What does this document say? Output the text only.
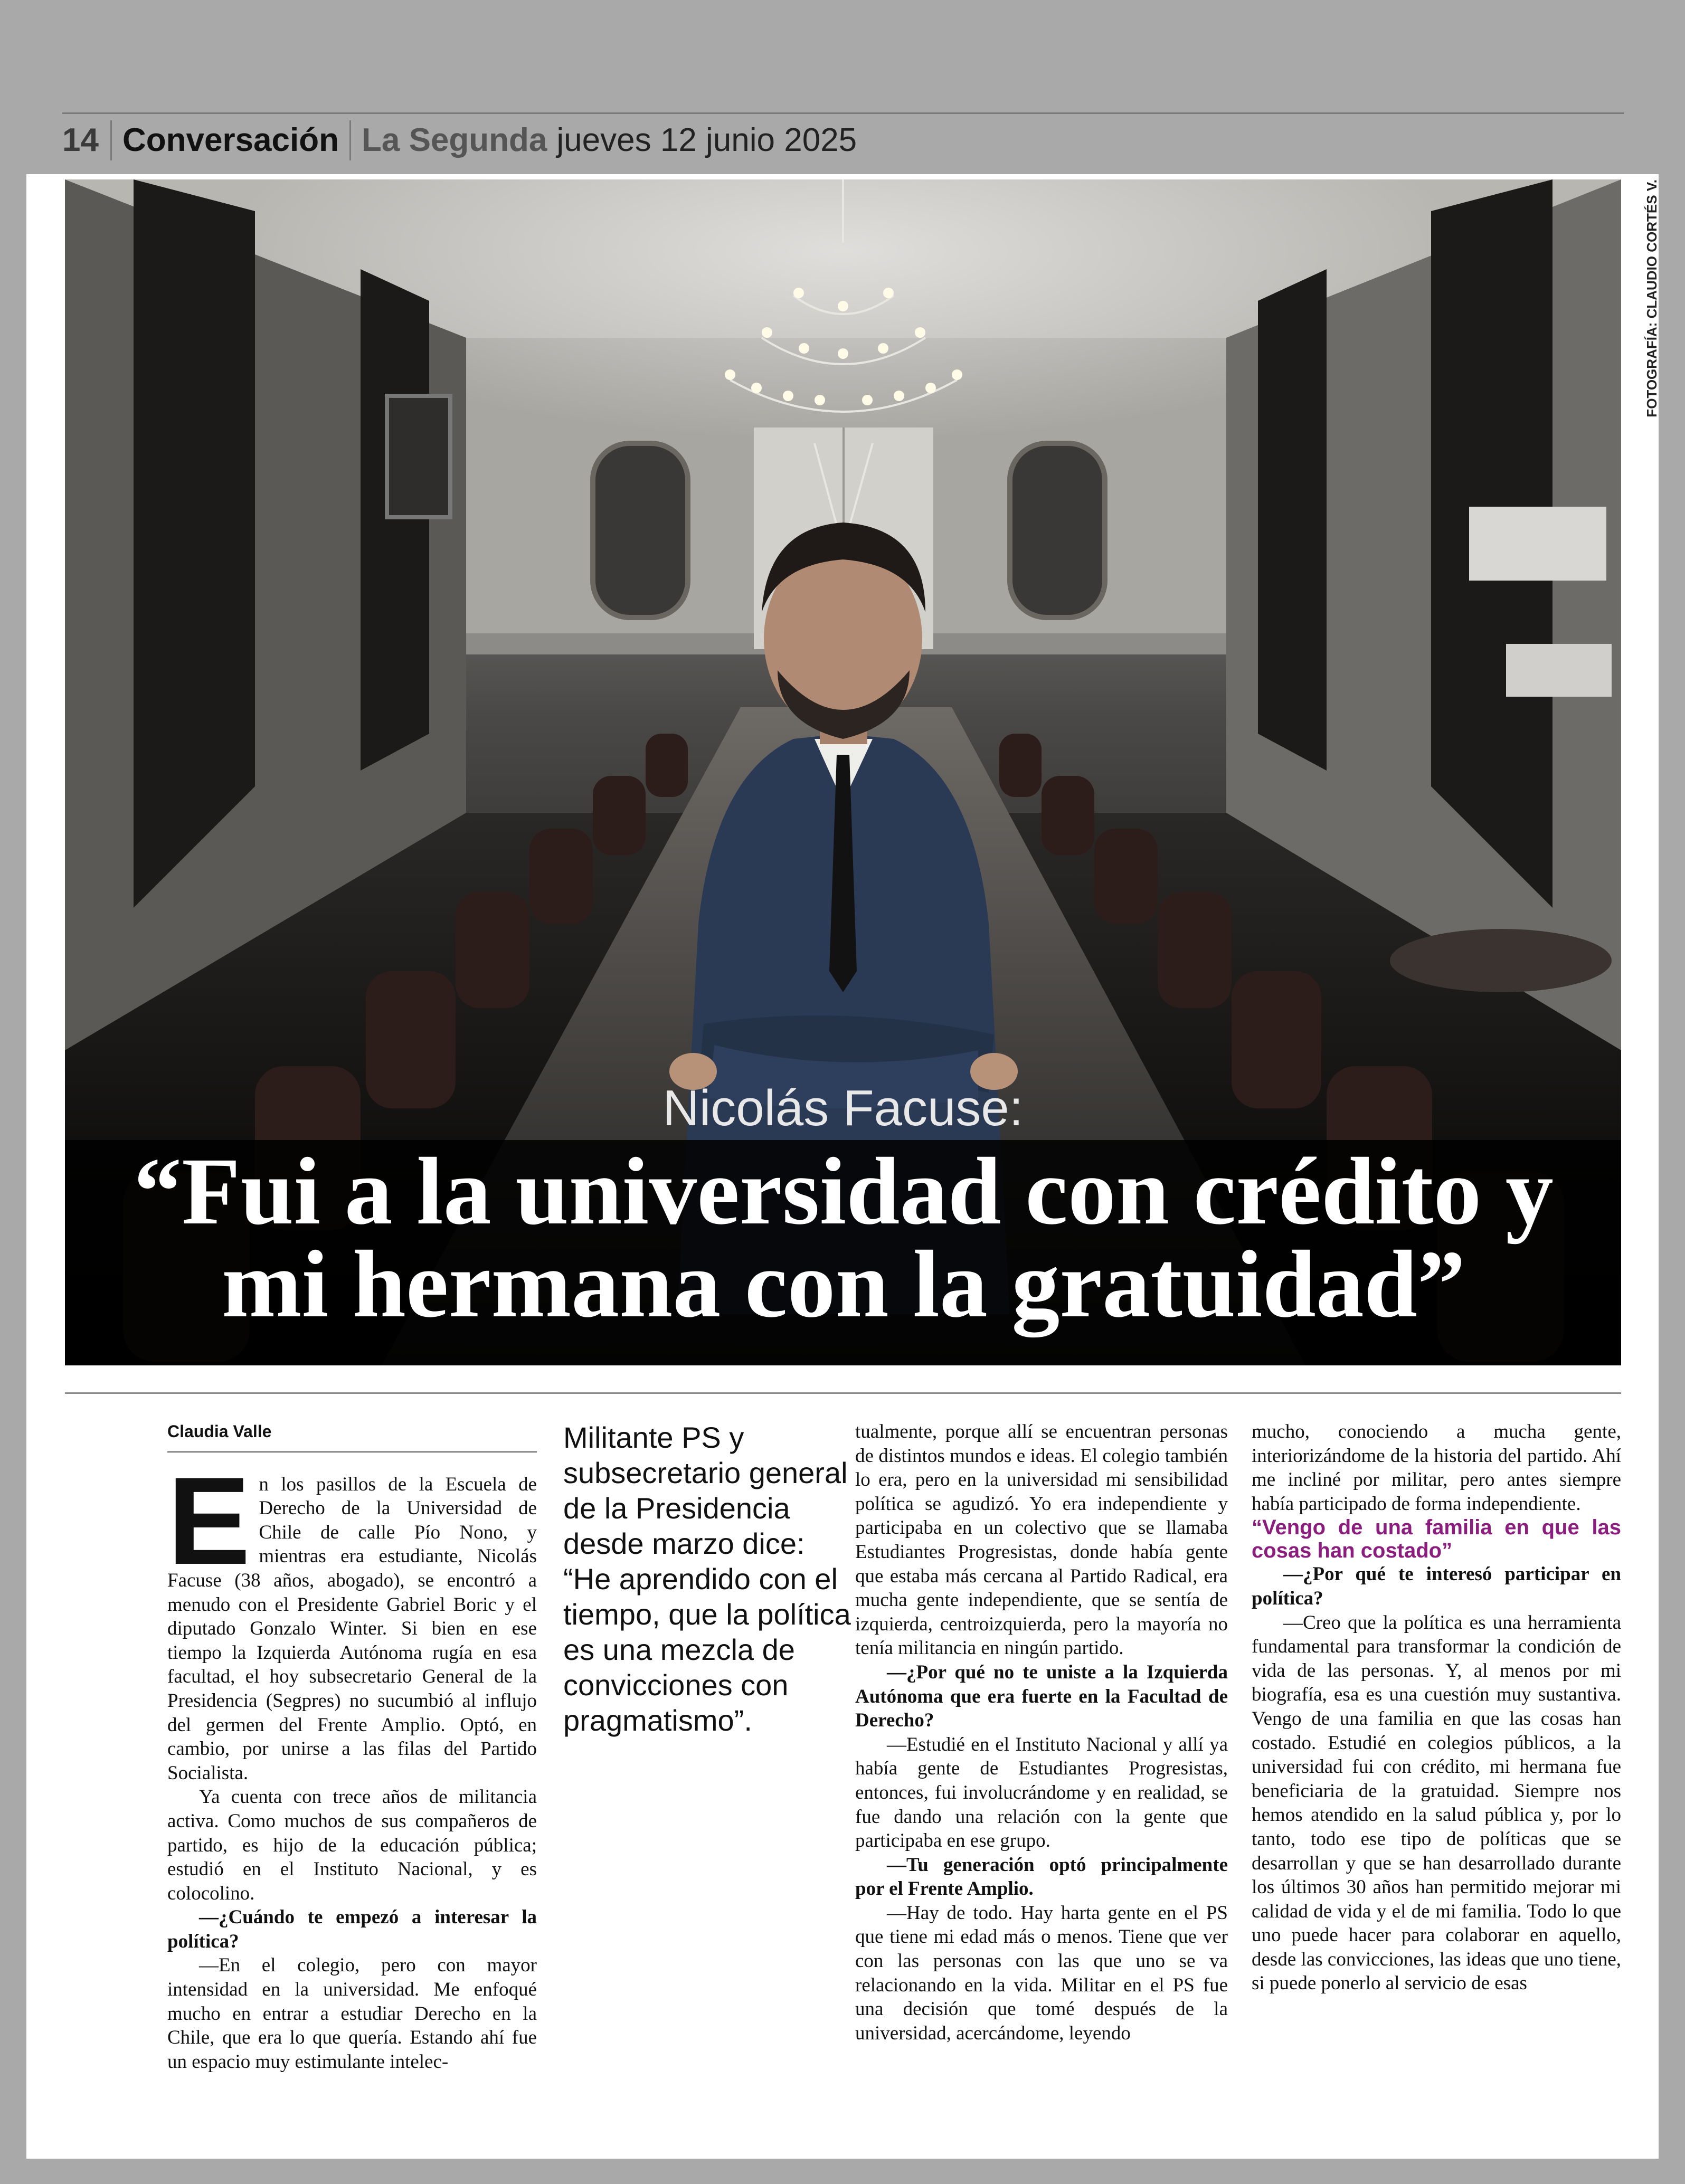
14 Conversación La Segunda jueves 12 junio 2025
Nicolás Facuse:
“Fui a la universidad con crédito y mi hermana con la gratuidad”
FOTOGRAFÍA: CLAUDIO CORTÉS V.
Claudia Valle

En los pasillos de la Escuela de Derecho de la Universidad de Chile de calle Pío Nono, y mientras era estudiante, Nicolás Facuse (38 años, abogado), se encontró a menudo con el Presidente Gabriel Boric y el diputado Gonzalo Winter. Si bien en ese tiempo la Izquierda Autónoma rugía en esa facultad, el hoy subsecretario General de la Presidencia (Segpres) no sucumbió al influjo del germen del Frente Amplio. Optó, en cambio, por unirse a las filas del Partido Socialista.

Ya cuenta con trece años de militancia activa. Como muchos de sus compañeros de partido, es hijo de la educación pública; estudió en el Instituto Nacional, y es colocolino.

—¿Cuándo te empezó a interesar la política?

—En el colegio, pero con mayor intensidad en la universidad. Me enfoqué mucho en entrar a estudiar Derecho en la Chile, que era lo que quería. Estando ahí fue un espacio muy estimulante intelec-

Militante PS y subsecretario general de la Presidencia desde marzo dice: “He aprendido con el tiempo, que la política es una mezcla de convicciones con pragmatismo”.

tualmente, porque allí se encuentran personas de distintos mundos e ideas. El colegio también lo era, pero en la universidad mi sensibilidad política se agudizó. Yo era independiente y participaba en un colectivo que se llamaba Estudiantes Progresistas, donde había gente que estaba más cercana al Partido Radical, era mucha gente independiente, que se sentía de izquierda, centroizquierda, pero la mayoría no tenía militancia en ningún partido.

—¿Por qué no te uniste a la Izquierda Autónoma que era fuerte en la Facultad de Derecho?

—Estudié en el Instituto Nacional y allí ya había gente de Estudiantes Progresistas, entonces, fui involucrándome y en realidad, se fue dando una relación con la gente que participaba en ese grupo.

—Tu generación optó principalmente por el Frente Amplio.

—Hay de todo. Hay harta gente en el PS que tiene mi edad más o menos. Tiene que ver con las personas con las que uno se va relacionando en la vida. Militar en el PS fue una decisión que tomé después de la universidad, acercándome, leyendo

mucho, conociendo a mucha gente, interiorizándome de la historia del partido. Ahí me incliné por militar, pero antes siempre había participado de forma independiente.

“Vengo de una familia en que las cosas han costado”

—¿Por qué te interesó participar en política?

—Creo que la política es una herramienta fundamental para transformar la condición de vida de las personas. Y, al menos por mi biografía, esa es una cuestión muy sustantiva. Vengo de una familia en que las cosas han costado. Estudié en colegios públicos, a la universidad fui con crédito, mi hermana fue beneficiaria de la gratuidad. Siempre nos hemos atendido en la salud pública y, por lo tanto, todo ese tipo de políticas que se desarrollan y que se han desarrollado durante los últimos 30 años han permitido mejorar mi calidad de vida y el de mi familia. Todo lo que uno puede hacer para colaborar en aquello, desde las convicciones, las ideas que uno tiene, si puede ponerlo al servicio de esas
